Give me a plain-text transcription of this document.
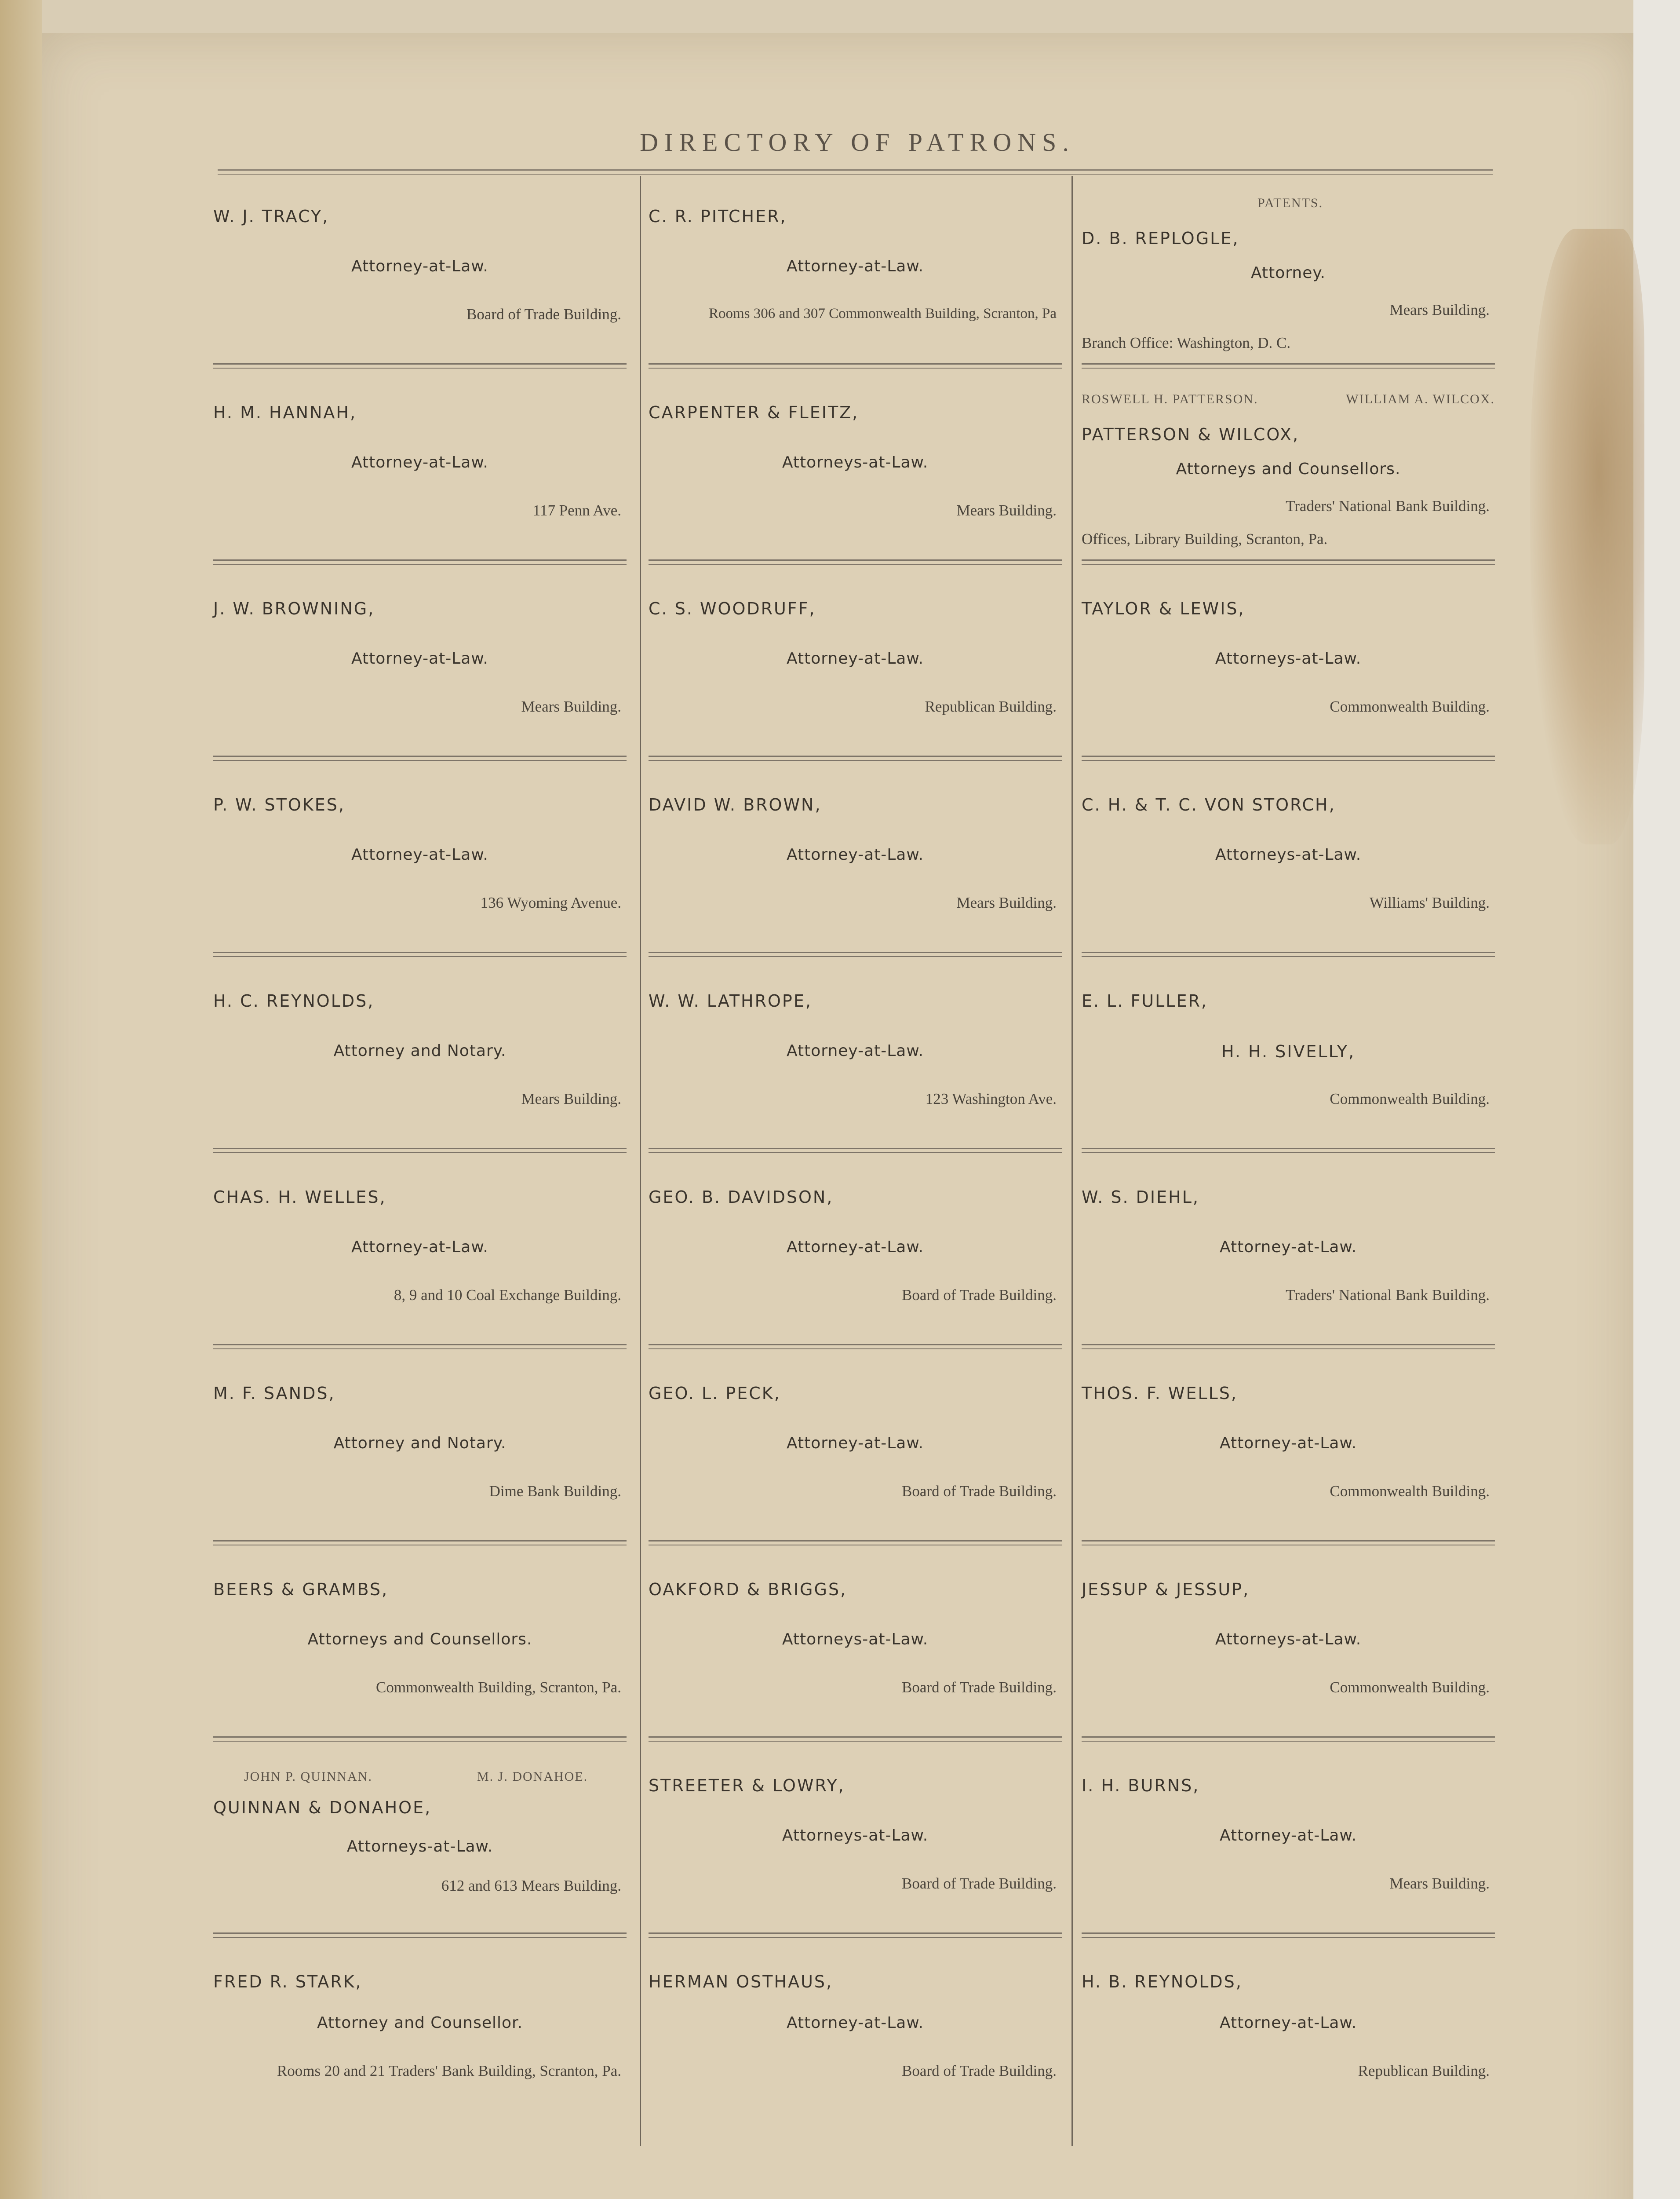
DIRECTORY OF PATRONS.
W. J. TRACY,
Attorney-at-Law.
Board of Trade Building.
H. M. HANNAH,
Attorney-at-Law.
117 Penn Ave.
J. W. BROWNING,
Attorney-at-Law.
Mears Building.
P. W. STOKES,
Attorney-at-Law.
136 Wyoming Avenue.
H. C. REYNOLDS,
Attorney and Notary.
Mears Building.
CHAS. H. WELLES,
Attorney-at-Law.
8, 9 and 10 Coal Exchange Building.
M. F. SANDS,
Attorney and Notary.
Dime Bank Building.
BEERS & GRAMBS,
Attorneys and Counsellors.
Commonwealth Building, Scranton, Pa.
JOHN P. QUINNAN.	M. J. DONAHOE.
QUINNAN & DONAHOE,
Attorneys-at-Law.
612 and 613 Mears Building.
FRED R. STARK,
Attorney and Counsellor.
Rooms 20 and 21 Traders' Bank Building, Scranton, Pa.
C. R. PITCHER,
Attorney-at-Law.
Rooms 306 and 307 Commonwealth Building, Scranton, Pa
CARPENTER & FLEITZ,
Attorneys-at-Law.
Mears Building.
C. S. WOODRUFF,
Attorney-at-Law.
Republican Building.
DAVID W. BROWN,
Attorney-at-Law.
Mears Building.
W. W. LATHROPE,
Attorney-at-Law.
123 Washington Ave.
GEO. B. DAVIDSON,
Attorney-at-Law.
Board of Trade Building.
GEO. L. PECK,
Attorney-at-Law.
Board of Trade Building.
OAKFORD & BRIGGS,
Attorneys-at-Law.
Board of Trade Building.
STREETER & LOWRY,
Attorneys-at-Law.
Board of Trade Building.
HERMAN OSTHAUS,
Attorney-at-Law.
Board of Trade Building.
PATENTS.
D. B. REPLOGLE,
Attorney.
Mears Building.
Branch Office: Washington, D. C.
ROSWELL H. PATTERSON.	WILLIAM A. WILCOX.
PATTERSON & WILCOX,
Attorneys and Counsellors.
Traders' National Bank Building.
Offices, Library Building, Scranton, Pa.
TAYLOR & LEWIS,
Attorneys-at-Law.
Commonwealth Building.
C. H. & T. C. VON STORCH,
Attorneys-at-Law.
Williams' Building.
E. L. FULLER,
H. H. SIVELLY,
Commonwealth Building.
W. S. DIEHL,
Attorney-at-Law.
Traders' National Bank Building.
THOS. F. WELLS,
Attorney-at-Law.
Commonwealth Building.
JESSUP & JESSUP,
Attorneys-at-Law.
Commonwealth Building.
I. H. BURNS,
Attorney-at-Law.
Mears Building.
H. B. REYNOLDS,
Attorney-at-Law.
Republican Building.
